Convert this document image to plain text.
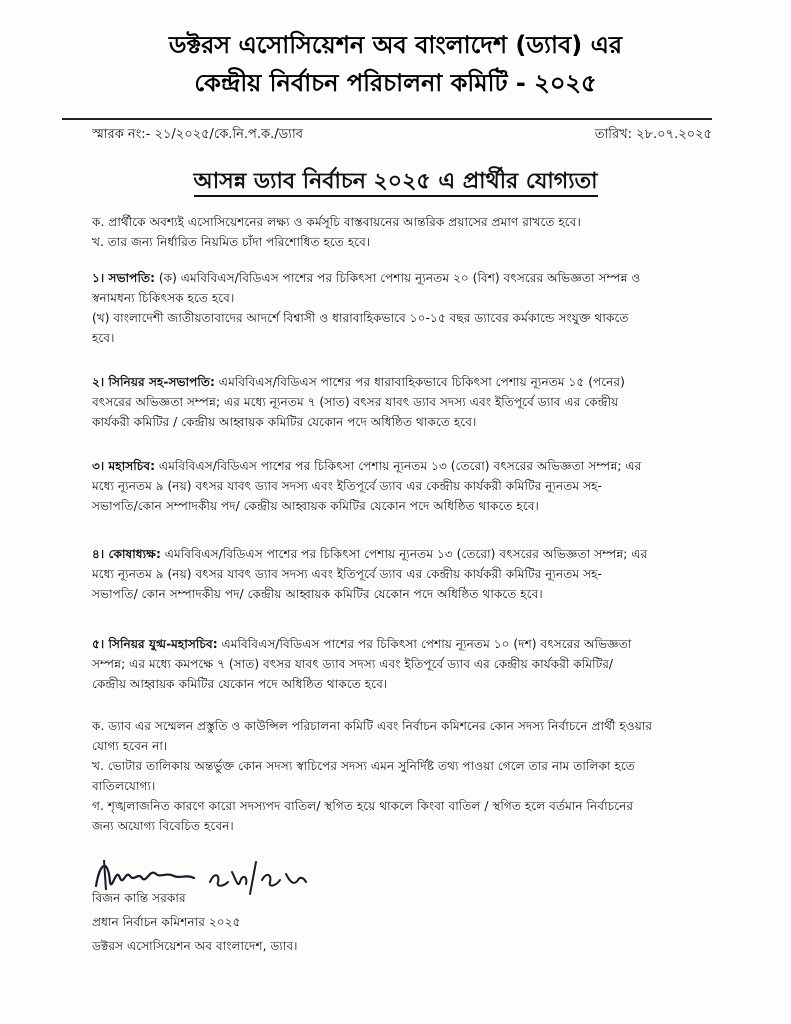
ডক্টরস এসোসিয়েশন অব বাংলাদেশ (ড্যাব) এর
কেন্দ্রীয় নির্বাচন পরিচালনা কমিটি - ২০২৫
স্মারক নং:- ২১/২০২৫/কে.নি.প.ক./ড্যাব	তারিখ: ২৮.০৭.২০২৫
আসন্ন ড্যাব নির্বাচন ২০২৫ এ প্রার্থীর যোগ্যতা

ক. প্রার্থীকে অবশ্যই এসোসিয়েশনের লক্ষ্য ও কর্মসূচি বাস্তবায়নের আন্তরিক প্রয়াসের প্রমাণ রাখতে হবে।

খ. তার জন্য নির্ধারিত নিয়মিত চাঁদা পরিশোধিত হতে হবে।

১। সভাপতি: (ক) এমবিবিএস/বিডিএস পাশের পর চিকিৎসা পেশায় ন্যূনতম ২০ (বিশ) বৎসরের অভিজ্ঞতা সম্পন্ন ও

স্বনামধন্য চিকিৎসক হতে হবে।

(খ) বাংলাদেশী জাতীয়তাবাদের আদর্শে বিশ্বাসী ও ধারাবাহিকভাবে ১০-১৫ বছর ড্যাবের কর্মকান্ডে সংযুক্ত থাকতে

হবে।

২। সিনিয়র সহ-সভাপতি: এমবিবিএস/বিডিএস পাশের পর ধারাবাহিকভাবে চিকিৎসা পেশায় ন্যূনতম ১৫ (পনের)

বৎসরের অভিজ্ঞতা সম্পন্ন; এর মধ্যে ন্যূনতম ৭ (সাত) বৎসর যাবৎ ড্যাব সদস্য এবং ইতিপূর্বে ড্যাব এর কেন্দ্রীয়

কার্যকরী কমিটির / কেন্দ্রীয় আহ্বায়ক কমিটির যেকোন পদে অধিষ্ঠিত থাকতে হবে।

৩। মহাসচিব: এমবিবিএস/বিডিএস পাশের পর চিকিৎসা পেশায় ন্যূনতম ১৩ (তেরো) বৎসরের অভিজ্ঞতা সম্পন্ন; এর

মধ্যে ন্যূনতম ৯ (নয়) বৎসর যাবৎ ড্যাব সদস্য এবং ইতিপূর্বে ড্যাব এর কেন্দ্রীয় কার্যকরী কমিটির ন্যূনতম সহ-

সভাপতি/কোন সম্পাদকীয় পদ/ কেন্দ্রীয় আহ্বায়ক কমিটির যেকোন পদে অধিষ্ঠিত থাকতে হবে।

৪। কোষাধ্যক্ষ: এমবিবিএস/বিডিএস পাশের পর চিকিৎসা পেশায় ন্যূনতম ১৩ (তেরো) বৎসরের অভিজ্ঞতা সম্পন্ন; এর

মধ্যে ন্যূনতম ৯ (নয়) বৎসর যাবৎ ড্যাব সদস্য এবং ইতিপূর্বে ড্যাব এর কেন্দ্রীয় কার্যকরী কমিটির ন্যূনতম সহ-

সভাপতি/ কোন সম্পাদকীয় পদ/ কেন্দ্রীয় আহ্বায়ক কমিটির যেকোন পদে অধিষ্ঠিত থাকতে হবে।

৫। সিনিয়র যুগ্ম-মহাসচিব: এমবিবিএস/বিডিএস পাশের পর চিকিৎসা পেশায় ন্যূনতম ১০ (দশ) বৎসরের অভিজ্ঞতা

সম্পন্ন; এর মধ্যে কমপক্ষে ৭ (সাত) বৎসর যাবৎ ড্যাব সদস্য এবং ইতিপূর্বে ড্যাব এর কেন্দ্রীয় কার্যকরী কমিটির/

কেন্দ্রীয় আহ্বায়ক কমিটির যেকোন পদে অধিষ্ঠিত থাকতে হবে।

ক. ড্যাব এর সম্মেলন প্রস্তুতি ও কাউন্সিল পরিচালনা কমিটি এবং নির্বাচন কমিশনের কোন সদস্য নির্বাচনে প্রার্থী হওয়ার

যোগ্য হবেন না।

খ. ভোটার তালিকায় অন্তর্ভুক্ত কোন সদস্য স্বাচিপের সদস্য এমন সুনির্দিষ্ট তথ্য পাওয়া গেলে তার নাম তালিকা হতে

বাতিলযোগ্য।

গ. শৃঙ্খলাজনিত কারণে কারো সদস্যপদ বাতিল/ স্থগিত হয়ে থাকলে কিংবা বাতিল / স্থগিত হলে বর্তমান নির্বাচনের

জন্য অযোগ্য বিবেচিত হবেন।

বিজন কান্তি সরকার
প্রধান নির্বাচন কমিশনার ২০২৫
ডক্টরস এসোসিয়েশন অব বাংলাদেশ, ড্যাব।
